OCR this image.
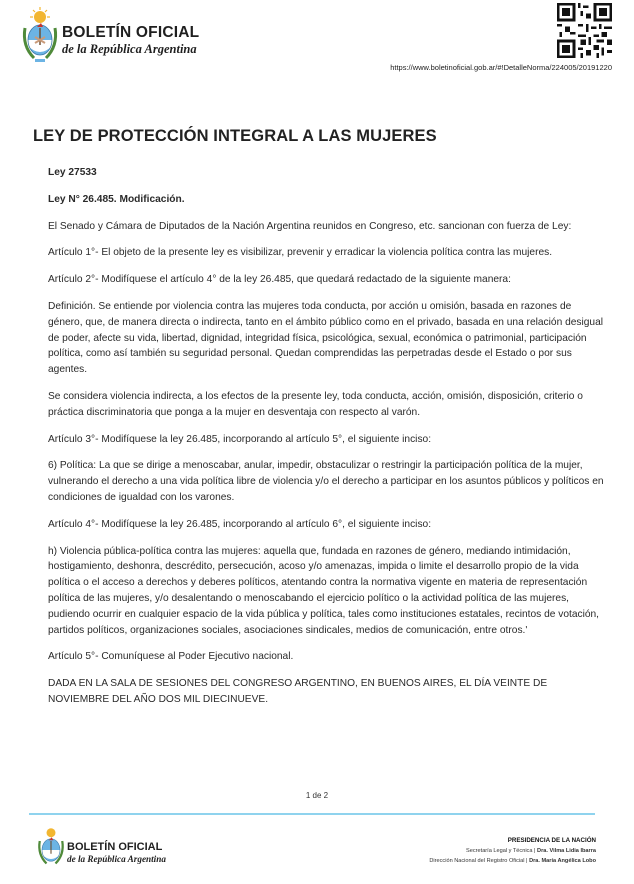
BOLETÍN OFICIAL
de la República Argentina
https://www.boletinoficial.gob.ar/#!DetalleNorma/224005/20191220
LEY DE PROTECCIÓN INTEGRAL A LAS MUJERES

Ley 27533

Ley N° 26.485. Modificación.

El Senado y Cámara de Diputados de la Nación Argentina reunidos en Congreso, etc. sancionan con fuerza de Ley:

Artículo 1°- El objeto de la presente ley es visibilizar, prevenir y erradicar la violencia política contra las mujeres.

Artículo 2°- Modifíquese el artículo 4° de la ley 26.485, que quedará redactado de la siguiente manera:

Definición. Se entiende por violencia contra las mujeres toda conducta, por acción u omisión, basada en razones de género, que, de manera directa o indirecta, tanto en el ámbito público como en el privado, basada en una relación desigual de poder, afecte su vida, libertad, dignidad, integridad física, psicológica, sexual, económica o patrimonial, participación política, como así también su seguridad personal. Quedan comprendidas las perpetradas desde el Estado o por sus agentes.

Se considera violencia indirecta, a los efectos de la presente ley, toda conducta, acción, omisión, disposición, criterio o práctica discriminatoria que ponga a la mujer en desventaja con respecto al varón.

Artículo 3°- Modifíquese la ley 26.485, incorporando al artículo 5°, el siguiente inciso:

6) Política: La que se dirige a menoscabar, anular, impedir, obstaculizar o restringir la participación política de la mujer, vulnerando el derecho a una vida política libre de violencia y/o el derecho a participar en los asuntos públicos y políticos en condiciones de igualdad con los varones.

Artículo 4°- Modifíquese la ley 26.485, incorporando al artículo 6°, el siguiente inciso:

h) Violencia pública-política contra las mujeres: aquella que, fundada en razones de género, mediando intimidación, hostigamiento, deshonra, descrédito, persecución, acoso y/o amenazas, impida o limite el desarrollo propio de la vida política o el acceso a derechos y deberes políticos, atentando contra la normativa vigente en materia de representación política de las mujeres, y/o desalentando o menoscabando el ejercicio político o la actividad política de las mujeres, pudiendo ocurrir en cualquier espacio de la vida pública y política, tales como instituciones estatales, recintos de votación, partidos políticos, organizaciones sociales, asociaciones sindicales, medios de comunicación, entre otros.'

Artículo 5°- Comuníquese al Poder Ejecutivo nacional.

DADA EN LA SALA DE SESIONES DEL CONGRESO ARGENTINO, EN BUENOS AIRES, EL DÍA VEINTE DE NOVIEMBRE DEL AÑO DOS MIL DIECINUEVE.

1 de 2
BOLETÍN OFICIAL
de la República Argentina
PRESIDENCIA DE LA NACIÓN
Secretaría Legal y Técnica | Dra. Vilma Lidia Ibarra
Dirección Nacional del Registro Oficial | Dra. María Angélica Lobo
